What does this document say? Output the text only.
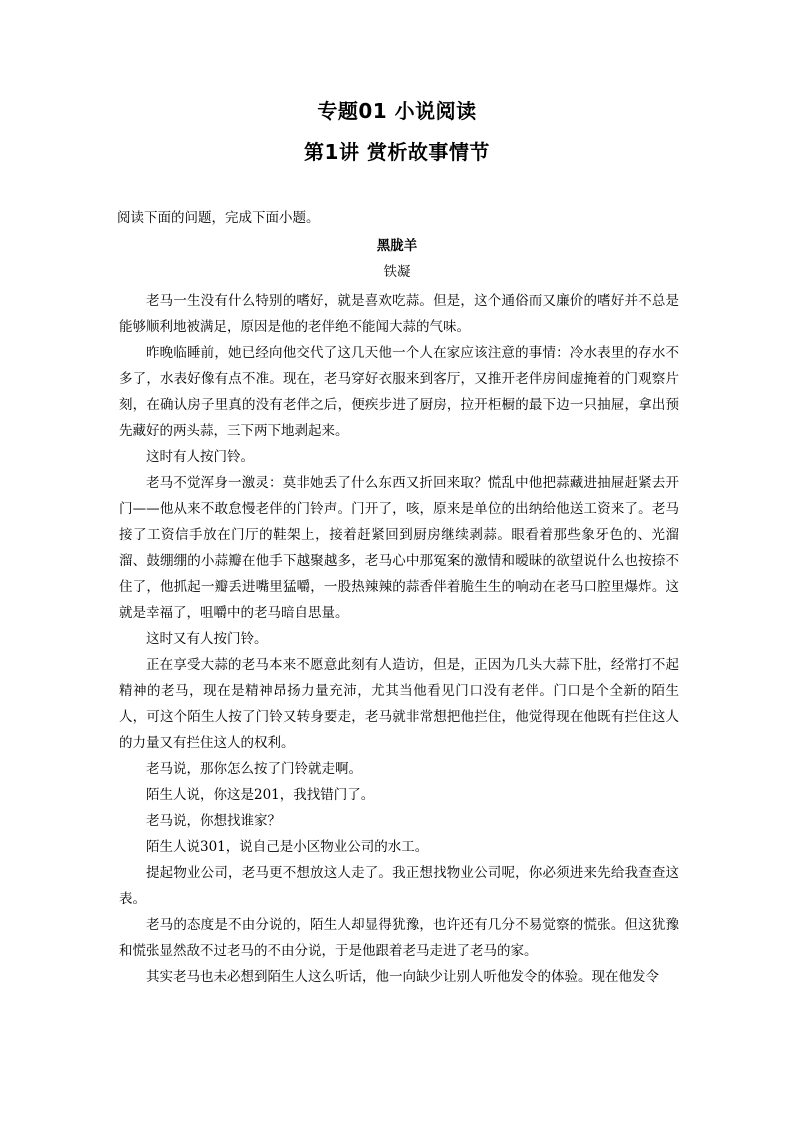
专题01 小说阅读
第1讲 赏析故事情节
阅读下面的问题，完成下面小题。
黑胧羊
铁凝

老马一生没有什么特别的嗜好，就是喜欢吃蒜。但是，这个通俗而又廉价的嗜好并不总是能够顺利地被满足，原因是他的老伴绝不能闻大蒜的气味。

昨晚临睡前，她已经向他交代了这几天他一个人在家应该注意的事情：冷水表里的存水不多了，水表好像有点不准。现在，老马穿好衣服来到客厅，又推开老伴房间虚掩着的门观察片刻，在确认房子里真的没有老伴之后，便疾步进了厨房，拉开柜橱的最下边一只抽屉，拿出预先藏好的两头蒜，三下两下地剥起来。

这时有人按门铃。

老马不觉浑身一激灵：莫非她丢了什么东西又折回来取？慌乱中他把蒜藏进抽屉赶紧去开门——他从来不敢怠慢老伴的门铃声。门开了，咳，原来是单位的出纳给他送工资来了。老马接了工资信手放在门厅的鞋架上，接着赶紧回到厨房继续剥蒜。眼看着那些象牙色的、光溜溜、鼓绷绷的小蒜瓣在他手下越聚越多，老马心中那冤案的激情和暧昧的欲望说什么也按捺不住了，他抓起一瓣丢进嘴里猛嚼，一股热辣辣的蒜香伴着脆生生的响动在老马口腔里爆炸。这就是幸福了，咀嚼中的老马暗自思量。

这时又有人按门铃。

正在享受大蒜的老马本来不愿意此刻有人造访，但是，正因为几头大蒜下肚，经常打不起精神的老马，现在是精神昂扬力量充沛，尤其当他看见门口没有老伴。门口是个全新的陌生人，可这个陌生人按了门铃又转身要走，老马就非常想把他拦住，他觉得现在他既有拦住这人的力量又有拦住这人的权利。

老马说，那你怎么按了门铃就走啊。

陌生人说，你这是201，我找错门了。

老马说，你想找谁家？

陌生人说301，说自己是小区物业公司的水工。

提起物业公司，老马更不想放这人走了。我正想找物业公司呢，你必须进来先给我查查这表。

老马的态度是不由分说的，陌生人却显得犹豫，也许还有几分不易觉察的慌张。但这犹豫和慌张显然敌不过老马的不由分说，于是他跟着老马走进了老马的家。

其实老马也未必想到陌生人这么听话，他一向缺少让别人听他发令的体验。现在他发令
